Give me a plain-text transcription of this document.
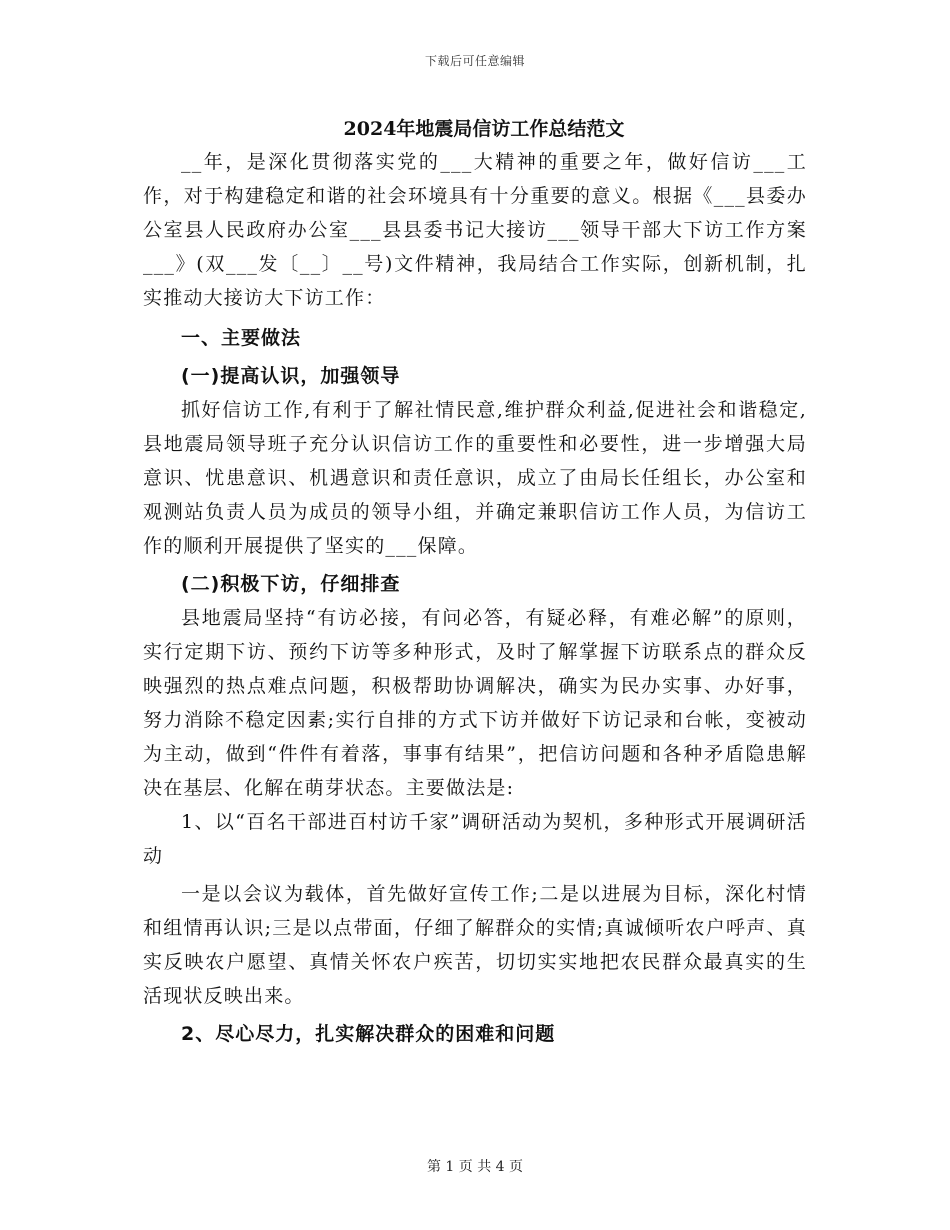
下载后可任意编辑

2024年地震局信访工作总结范文

__年，是深化贯彻落实党的___大精神的重要之年，做好信访___工作，对于构建稳定和谐的社会环境具有十分重要的意义。根据《___县委办公室县人民政府办公室___县县委书记大接访___领导干部大下访工作方案___》(双___发〔__〕__号)文件精神，我局结合工作实际，创新机制，扎实推动大接访大下访工作：

一、主要做法

(一)提高认识，加强领导

抓好信访工作,有利于了解社情民意,维护群众利益,促进社会和谐稳定,县地震局领导班子充分认识信访工作的重要性和必要性，进一步增强大局意识、忧患意识、机遇意识和责任意识，成立了由局长任组长，办公室和观测站负责人员为成员的领导小组，并确定兼职信访工作人员，为信访工作的顺利开展提供了坚实的___保障。

(二)积极下访，仔细排查

县地震局坚持“有访必接，有问必答，有疑必释，有难必解”的原则，实行定期下访、预约下访等多种形式，及时了解掌握下访联系点的群众反映强烈的热点难点问题，积极帮助协调解决，确实为民办实事、办好事，努力消除不稳定因素;实行自排的方式下访并做好下访记录和台帐，变被动为主动，做到“件件有着落，事事有结果”，把信访问题和各种矛盾隐患解决在基层、化解在萌芽状态。主要做法是:

1、以“百名干部进百村访千家”调研活动为契机，多种形式开展调研活动

一是以会议为载体，首先做好宣传工作;二是以进展为目标，深化村情和组情再认识;三是以点带面，仔细了解群众的实情;真诚倾听农户呼声、真实反映农户愿望、真情关怀农户疾苦，切切实实地把农民群众最真实的生活现状反映出来。

2、尽心尽力，扎实解决群众的困难和问题

第 1 页 共 4 页
